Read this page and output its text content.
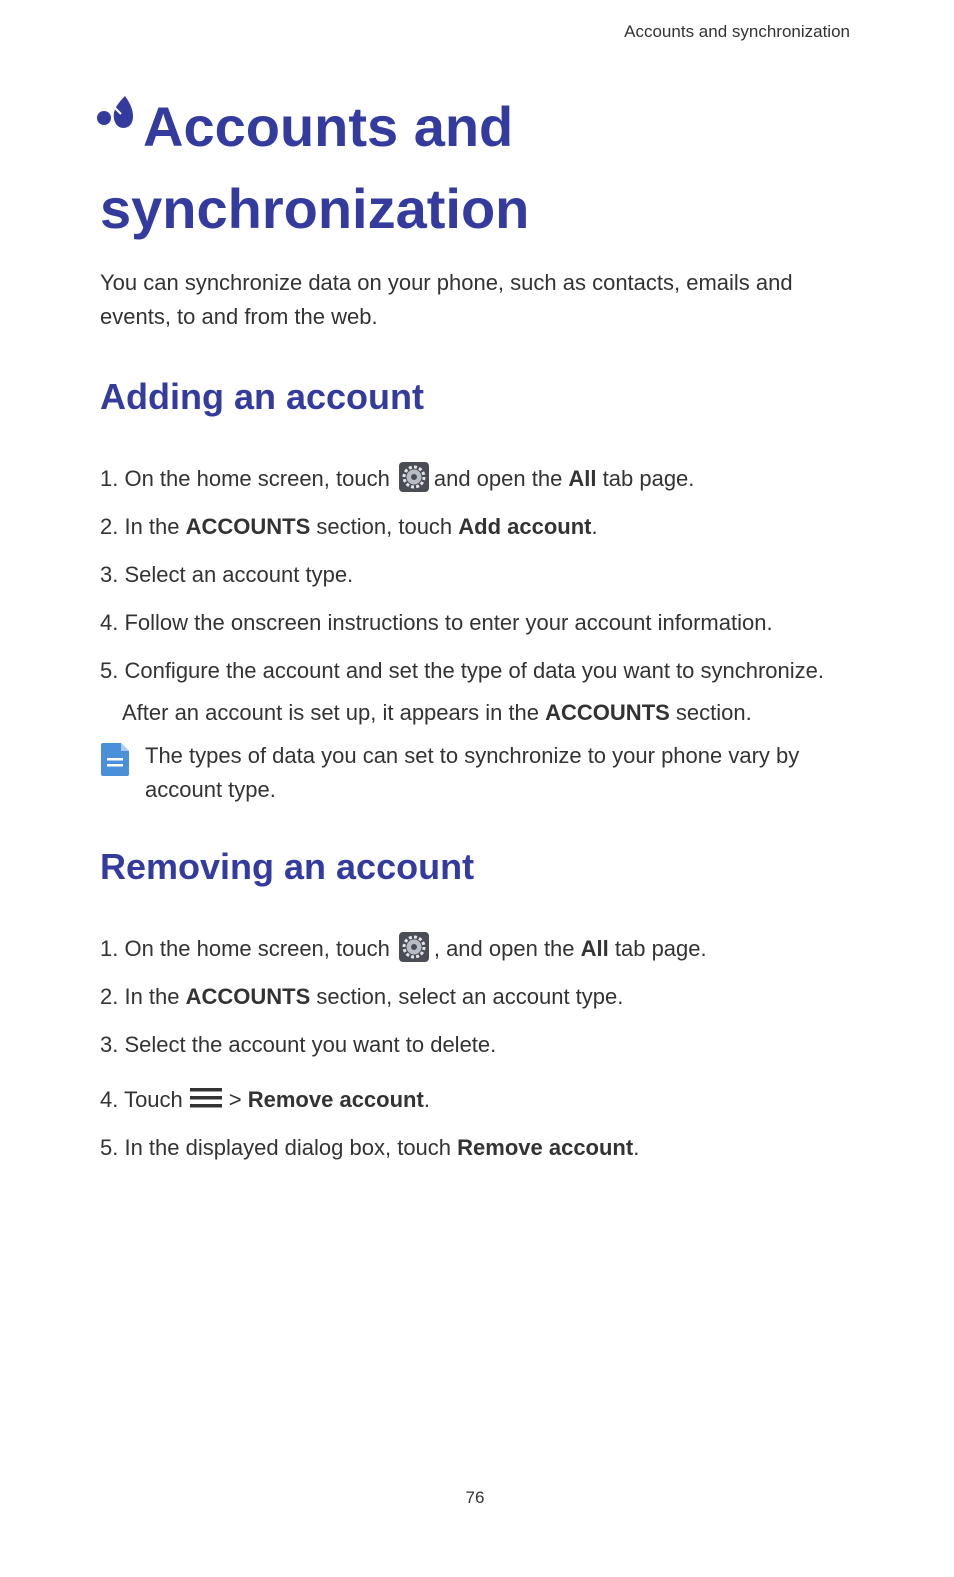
Accounts and synchronization
Accounts and
synchronization

You can synchronize data on your phone, such as contacts, emails and events, to and from the web.

Adding an account
1. On the home screen, touch and open the All tab page.
2. In the ACCOUNTS section, touch Add account.
3. Select an account type.
4. Follow the onscreen instructions to enter your account information.
5. Configure the account and set the type of data you want to synchronize.
After an account is set up, it appears in the ACCOUNTS section.

The types of data you can set to synchronize to your phone vary by account type.

Removing an account
1. On the home screen, touch , and open the All tab page.
2. In the ACCOUNTS section, select an account type.
3. Select the account you want to delete.
4. Touch > Remove account.
5. In the displayed dialog box, touch Remove account.
76
